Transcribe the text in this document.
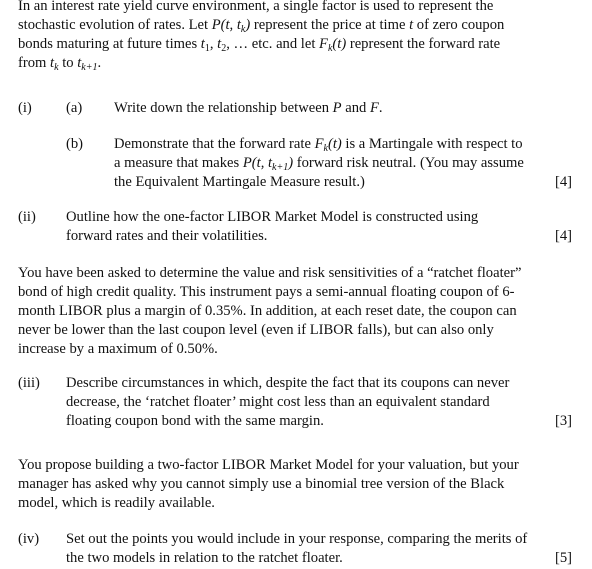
In an interest rate yield curve environment, a single factor is used to represent the

stochastic evolution of rates. Let P(t, $t_k$) represent the price at time t of zero coupon

bonds maturing at future times $t_1$, $t_2$, … etc. and let $F_k(t)$ represent the forward rate

from $t_k$ to $t_{k+1}$.

(i) (a) Write down the relationship between P and F.
(b) Demonstrate that the forward rate $F_k(t)$ is a Martingale with respect to
a measure that makes P(t, $t_{k+1}$) forward risk neutral. (You may assume
the Equivalent Martingale Measure result.)	[4]
(ii) Outline how the one-factor LIBOR Market Model is constructed using
forward rates and their volatilities.	[4]

You have been asked to determine the value and risk sensitivities of a “ratchet floater”

bond of high credit quality. This instrument pays a semi-annual floating coupon of 6-

month LIBOR plus a margin of 0.35%. In addition, at each reset date, the coupon can

never be lower than the last coupon level (even if LIBOR falls), but can also only

increase by a maximum of 0.50%.

(iii) Describe circumstances in which, despite the fact that its coupons can never
decrease, the ‘ratchet floater’ might cost less than an equivalent standard
floating coupon bond with the same margin.	[3]

You propose building a two-factor LIBOR Market Model for your valuation, but your

manager has asked why you cannot simply use a binomial tree version of the Black

model, which is readily available.

(iv) Set out the points you would include in your response, comparing the merits of
the two models in relation to the ratchet floater.	[5]
